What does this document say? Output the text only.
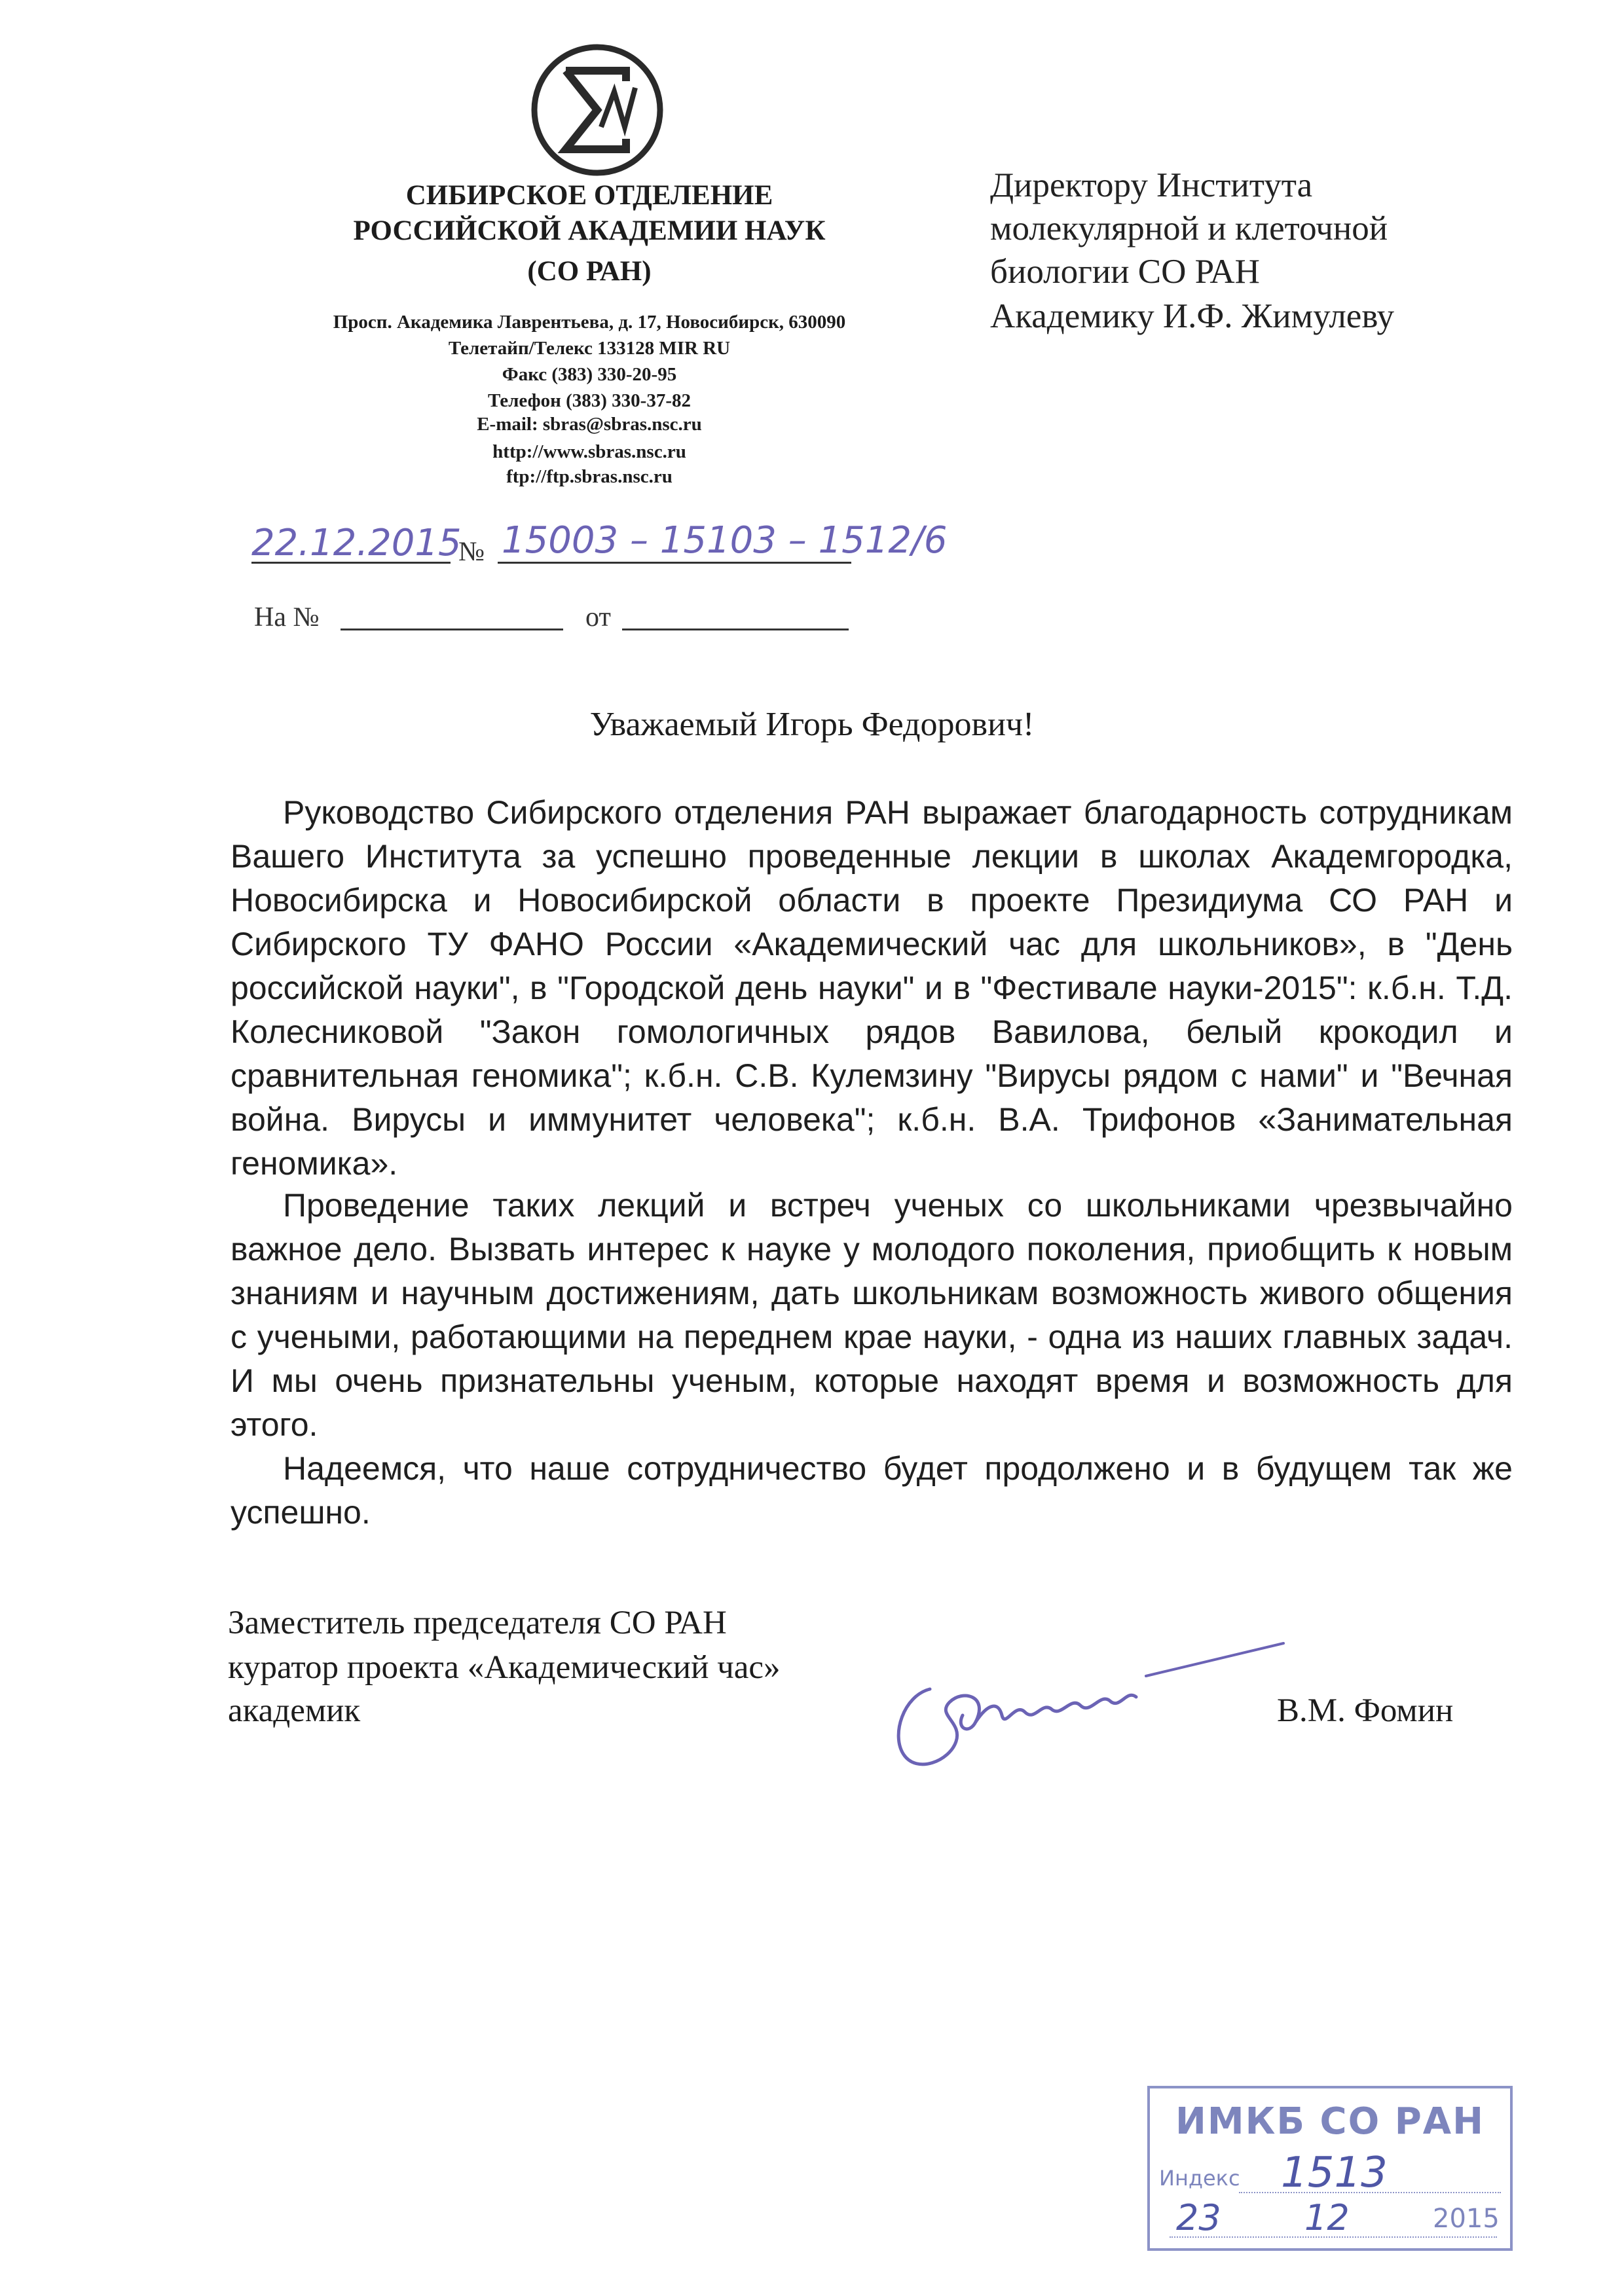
СИБИРСКОЕ ОТДЕЛЕНИЕ
РОССИЙСКОЙ АКАДЕМИИ НАУК
(СО РАН)
Просп. Академика Лаврентьева, д. 17, Новосибирск, 630090
Телетайп/Телекс 133128 MIR RU
Факс (383) 330-20-95
Телефон (383) 330-37-82
E-mail: sbras@sbras.nsc.ru
http://www.sbras.nsc.ru
ftp://ftp.sbras.nsc.ru
Директору Института
молекулярной и клеточной
биологии СО РАН
Академику И.Ф. Жимулеву
22.12.2015
№ 15003 – 15103 – 1512/6
На №	от
Уважаемый Игорь Федорович!
Руководство Сибирского отделения РАН выражает благодарность сотрудникам Вашего Института за успешно проведенные лекции в школах Академгородка, Новосибирска и Новосибирской области в проекте Президиума СО РАН и Сибирского ТУ ФАНО России «Академический час для школьников», в "День российской науки", в "Городской день науки" и в "Фестивале науки-2015": к.б.н. Т.Д. Колесниковой "Закон гомологичных рядов Вавилова, белый крокодил и сравнительная геномика"; к.б.н. С.В. Кулемзину "Вирусы рядом с нами" и "Вечная война. Вирусы и иммунитет человека"; к.б.н. В.А. Трифонов «Занимательная геномика».
Проведение таких лекций и встреч ученых со школьниками чрезвычайно важное дело. Вызвать интерес к науке у молодого поколения, приобщить к новым знаниям и научным достижениям, дать школьникам возможность живого общения с учеными, работающими на переднем крае науки, - одна из наших главных задач. И мы очень признательны ученым, которые находят время и возможность для этого.
Надеемся, что наше сотрудничество будет продолжено и в будущем так же успешно.
Заместитель председателя СО РАН
куратор проекта «Академический час»
академик	В.М. Фомин
ИМКБ СО РАН
Индекс 1513
23 12	2015
